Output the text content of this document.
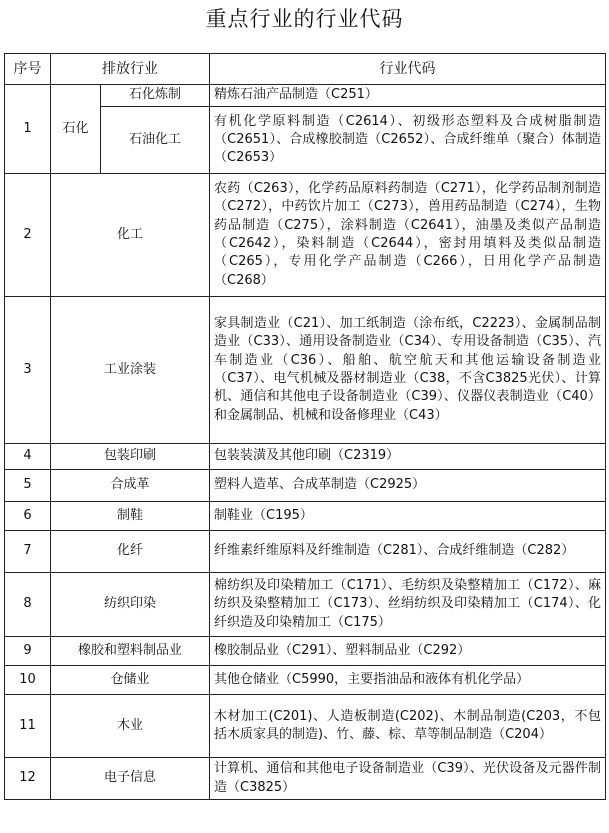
重点行业的行业代码
序号	排放行业		行业代码
1	石化	石化炼制	精炼石油产品制造（C251）
		石油化工	有机化学原料制造（C2614）、初级形态塑料及合成树脂制造（C2651）、合成橡胶制造（C2652）、合成纤维单（聚合）体制造（C2653）
2	化工		农药（C263），化学药品原料药制造（C271），化学药品制剂制造（C272），中药饮片加工（C273），兽用药品制造（C274），生物药品制造（C275），涂料制造（C2641），油墨及类似产品制造（C2642），染料制造（C2644），密封用填料及类似品制造（C265），专用化学产品制造（C266），日用化学产品制造（C268）
3	工业涂装		家具制造业（C21）、加工纸制造（涂布纸，C2223）、金属制品制造业（C33）、通用设备制造业（C34）、专用设备制造（C35）、汽车制造业（C36）、船舶、航空航天和其他运输设备制造业（C37）、电气机械及器材制造业（C38，不含C3825光伏）、计算机、通信和其他电子设备制造业（C39）、仪器仪表制造业（C40）和金属制品、机械和设备修理业（C43）
4	包装印刷		包装装潢及其他印刷（C2319）
5	合成革		塑料人造革、合成革制造（C2925）
6	制鞋		制鞋业（C195）
7	化纤		纤维素纤维原料及纤维制造（C281）、合成纤维制造（C282）
8	纺织印染		棉纺织及印染精加工（C171）、毛纺织及染整精加工（C172）、麻纺织及染整精加工（C173）、丝绢纺织及印染精加工（C174）、化纤织造及印染精加工（C175）
9	橡胶和塑料制品业		橡胶制品业（C291）、塑料制品业（C292）
10	仓储业		其他仓储业（C5990，主要指油品和液体有机化学品）
11	木业		木材加工(C201)、人造板制造(C202)、木制品制造(C203，不包括木质家具的制造)、竹、藤、棕、草等制品制造（C204）
12	电子信息		计算机、通信和其他电子设备制造业（C39）、光伏设备及元器件制造（C3825）
